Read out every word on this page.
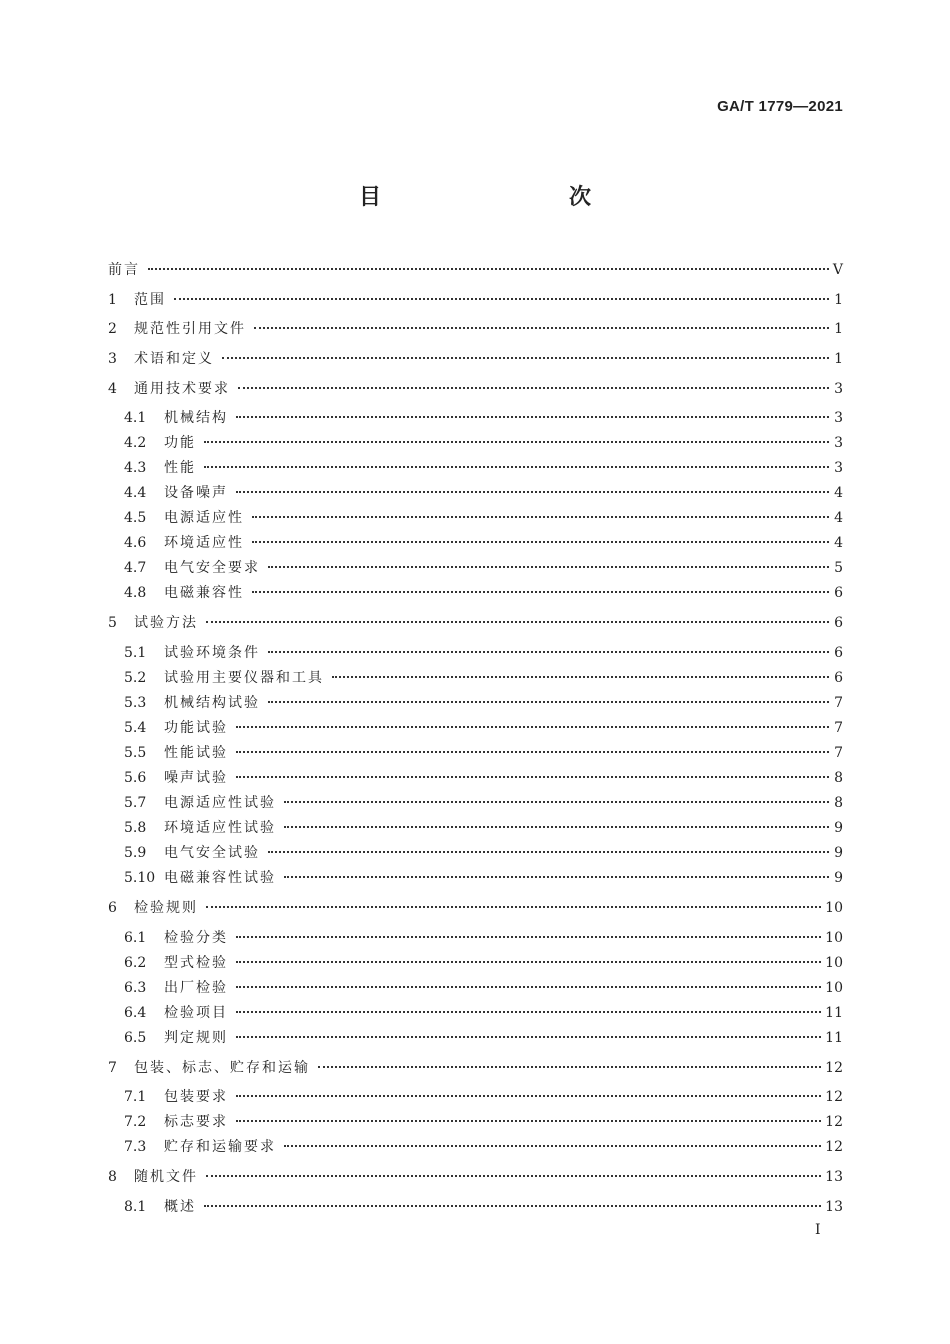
GA/T 1779—2021
目　　次
前言	V
1	范围	1
2	规范性引用文件	1
3	术语和定义	1
4	通用技术要求	3
4.1	机械结构	3
4.2	功能	3
4.3	性能	3
4.4	设备噪声	4
4.5	电源适应性	4
4.6	环境适应性	4
4.7	电气安全要求	5
4.8	电磁兼容性	6
5	试验方法	6
5.1	试验环境条件	6
5.2	试验用主要仪器和工具	6
5.3	机械结构试验	7
5.4	功能试验	7
5.5	性能试验	7
5.6	噪声试验	8
5.7	电源适应性试验	8
5.8	环境适应性试验	9
5.9	电气安全试验	9
5.10 电磁兼容性试验	9
6	检验规则	10
6.1	检验分类	10
6.2	型式检验	10
6.3	出厂检验	10
6.4	检验项目	11
6.5	判定规则	11
7	包装、标志、贮存和运输	12
7.1	包装要求	12
7.2	标志要求	12
7.3	贮存和运输要求	12
8	随机文件	13
8.1	概述	13
I
